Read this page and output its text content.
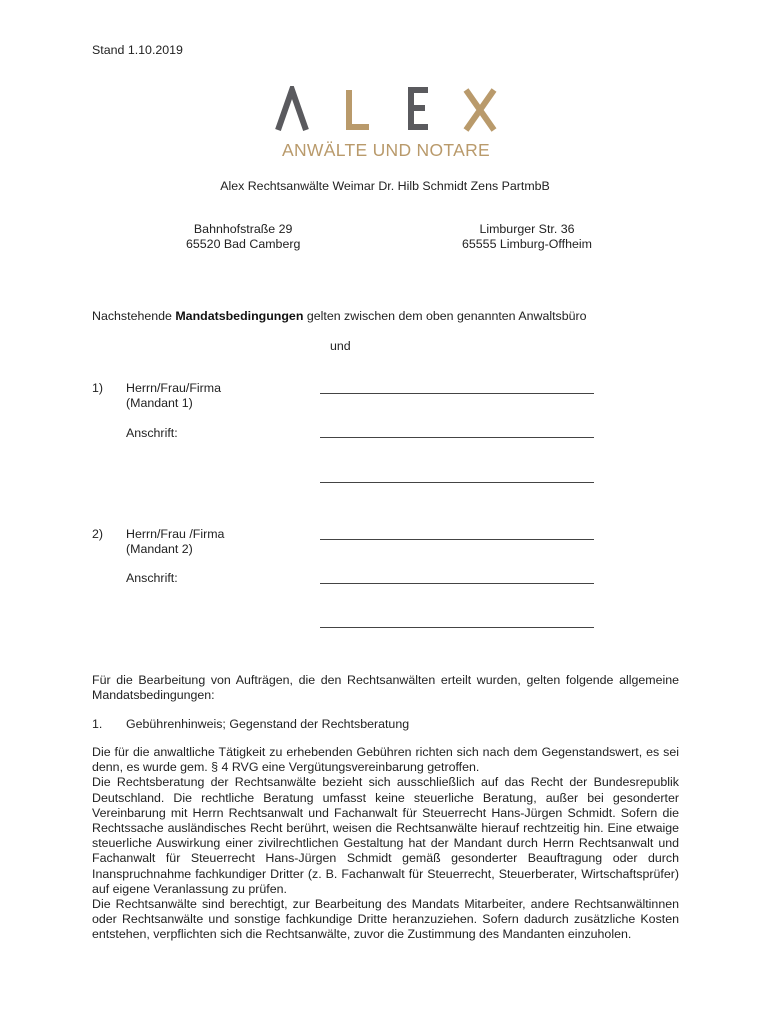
Stand 1.10.2019
ANWÄLTE UND NOTARE
Alex Rechtsanwälte Weimar Dr. Hilb Schmidt Zens PartmbB
Bahnhofstraße 29
65520 Bad Camberg
Limburger Str. 36
65555 Limburg-Offheim
Nachstehende Mandatsbedingungen gelten zwischen dem oben genannten Anwaltsbüro
und
1) Herrn/Frau/Firma
(Mandant 1)
Anschrift:
2) Herrn/Frau /Firma
(Mandant 2)
Anschrift:
Für die Bearbeitung von Aufträgen, die den Rechtsanwälten erteilt wurden, gelten folgende allgemeine Mandatsbedingungen:
1. Gebührenhinweis; Gegenstand der Rechtsberatung

Die für die anwaltliche Tätigkeit zu erhebenden Gebühren richten sich nach dem Gegenstandswert, es sei denn, es wurde gem. § 4 RVG eine Vergütungsvereinbarung getroffen.

Die Rechtsberatung der Rechtsanwälte bezieht sich ausschließlich auf das Recht der Bundesrepublik Deutschland. Die rechtliche Beratung umfasst keine steuerliche Beratung, außer bei gesonderter Vereinbarung mit Herrn Rechtsanwalt und Fachanwalt für Steuerrecht Hans-Jürgen Schmidt. Sofern die Rechtssache ausländisches Recht berührt, weisen die Rechtsanwälte hierauf rechtzeitig hin. Eine etwaige steuerliche Auswirkung einer zivilrechtlichen Gestaltung hat der Mandant durch Herrn Rechtsanwalt und Fachanwalt für Steuerrecht Hans-Jürgen Schmidt gemäß gesonderter Beauftragung oder durch Inanspruchnahme fachkundiger Dritter (z. B. Fachanwalt für Steuerrecht, Steuerberater, Wirtschaftsprüfer) auf eigene Veranlassung zu prüfen.

Die Rechtsanwälte sind berechtigt, zur Bearbeitung des Mandats Mitarbeiter, andere Rechtsanwältinnen oder Rechtsanwälte und sonstige fachkundige Dritte heranzuziehen. Sofern dadurch zusätzliche Kosten entstehen, verpflichten sich die Rechtsanwälte, zuvor die Zustimmung des Mandanten einzuholen.
